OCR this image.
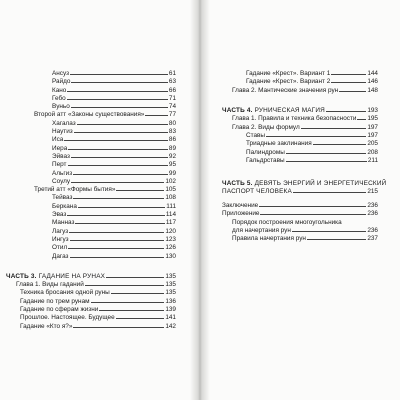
Ансуз	61
Райдо	63
Кано	66
Гебо	71
Вуньо	74
Второй атт «Законы существования»	77
Хагалаз	80
Наутиз	83
Иса	86
Иера	89
Эйваз	92
Перт	95
Альгиз	99
Соулу	102
Третий атт «Формы бытия»	105
Тейваз	108
Беркана	111
Эваз	114
Манназ	117
Лагуз	120
Ингуз	123
Отил	126
Дагаз	130
ЧАСТЬ 3. ГАДАНИЕ НА РУНАХ	135
Глава 1. Виды гаданий	135
Техника бросания одной руны	135
Гадание по трем рунам	136
Гадание по сферам жизни	139
Прошлое. Настоящее. Будущее	141
Гадание «Кто я?»	142
Гадание «Крест». Вариант 1	144
Гадание «Крест». Вариант 2	146
Глава 2. Мантические значения рун	148
ЧАСТЬ 4. РУНИЧЕСКАЯ МАГИЯ	193
Глава 1. Правила и техника безопасности 195
Глава 2. Виды формул	197
Ставы	197
Триадные заклинания	205
Палиндромы	208
Гальдрставы	211
ЧАСТЬ 5. ДЕВЯТЬ ЭНЕРГИЙ И ЭНЕРГЕТИЧЕСКИЙ
ПАСПОРТ ЧЕЛОВЕКА	215
Заключение	236
Приложение	236
Порядок построения многоугольника
для начертания рун	236
Правила начертания рун	237
